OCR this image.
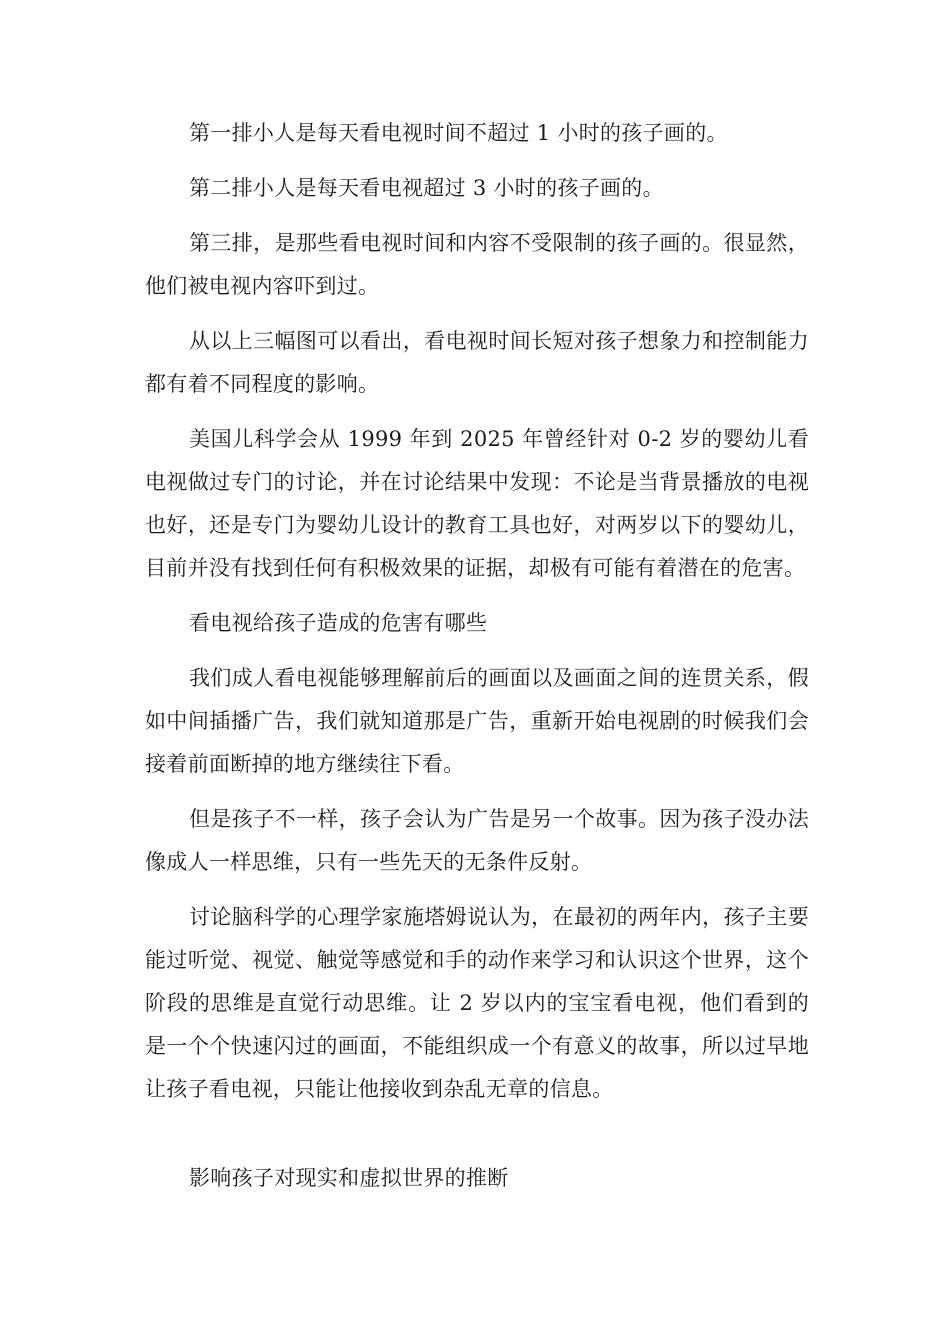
第一排小人是每天看电视时间不超过 1 小时的孩子画的。

第二排小人是每天看电视超过 3 小时的孩子画的。

第三排，是那些看电视时间和内容不受限制的孩子画的。很显然，他们被电视内容吓到过。

从以上三幅图可以看出，看电视时间长短对孩子想象力和控制能力都有着不同程度的影响。

美国儿科学会从 1999 年到 2025 年曾经针对 0-2 岁的婴幼儿看电视做过专门的讨论，并在讨论结果中发现：不论是当背景播放的电视也好，还是专门为婴幼儿设计的教育工具也好，对两岁以下的婴幼儿，目前并没有找到任何有积极效果的证据，却极有可能有着潜在的危害。

看电视给孩子造成的危害有哪些

我们成人看电视能够理解前后的画面以及画面之间的连贯关系，假如中间插播广告，我们就知道那是广告，重新开始电视剧的时候我们会接着前面断掉的地方继续往下看。

但是孩子不一样，孩子会认为广告是另一个故事。因为孩子没办法像成人一样思维，只有一些先天的无条件反射。

讨论脑科学的心理学家施塔姆说认为，在最初的两年内，孩子主要能过听觉、视觉、触觉等感觉和手的动作来学习和认识这个世界，这个阶段的思维是直觉行动思维。让 2 岁以内的宝宝看电视，他们看到的是一个个快速闪过的画面，不能组织成一个有意义的故事，所以过早地让孩子看电视，只能让他接收到杂乱无章的信息。

影响孩子对现实和虚拟世界的推断
